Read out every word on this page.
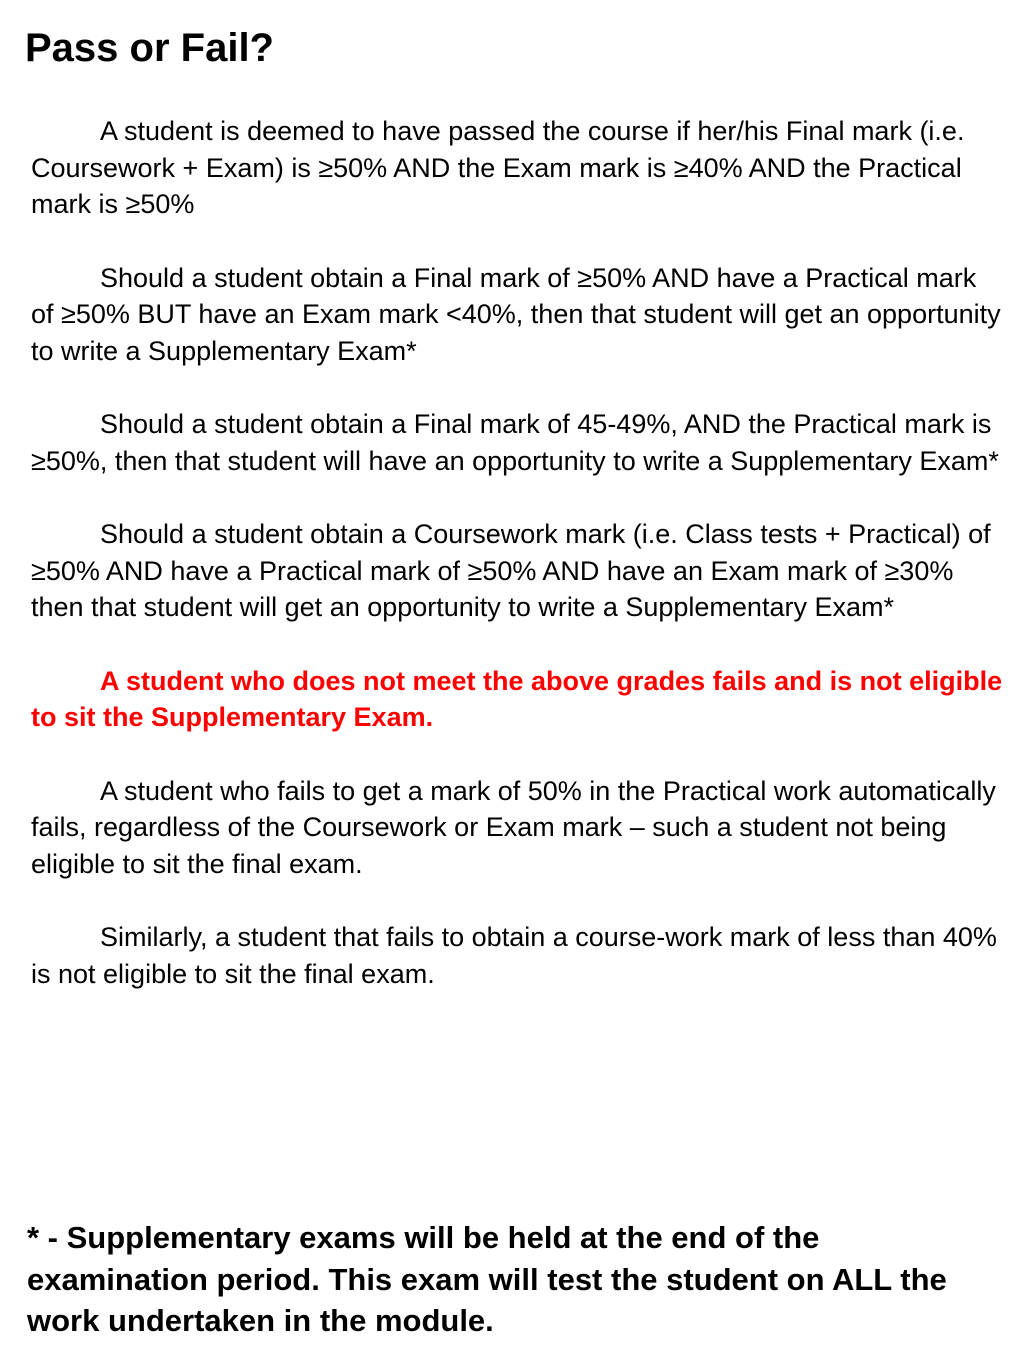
Pass or Fail?

A student is deemed to have passed the course if her/his Final mark (i.e. Coursework + Exam) is ≥50% AND the Exam mark is ≥40% AND the Practical mark is ≥50%

Should a student obtain a Final mark of ≥50% AND have a Practical mark of ≥50% BUT have an Exam mark <40%, then that student will get an opportunity to write a Supplementary Exam*

Should a student obtain a Final mark of 45-49%, AND the Practical mark is ≥50%, then that student will have an opportunity to write a Supplementary Exam*

Should a student obtain a Coursework mark (i.e. Class tests + Practical) of ≥50% AND have a Practical mark of ≥50% AND have an Exam mark of ≥30% then that student will get an opportunity to write a Supplementary Exam*

A student who does not meet the above grades fails and is not eligible to sit the Supplementary Exam.

A student who fails to get a mark of 50% in the Practical work automatically fails, regardless of the Coursework or Exam mark – such a student not being eligible to sit the final exam.

Similarly, a student that fails to obtain a course-work mark of less than 40% is not eligible to sit the final exam.

* - Supplementary exams will be held at the end of the examination period. This exam will test the student on ALL the work undertaken in the module.
